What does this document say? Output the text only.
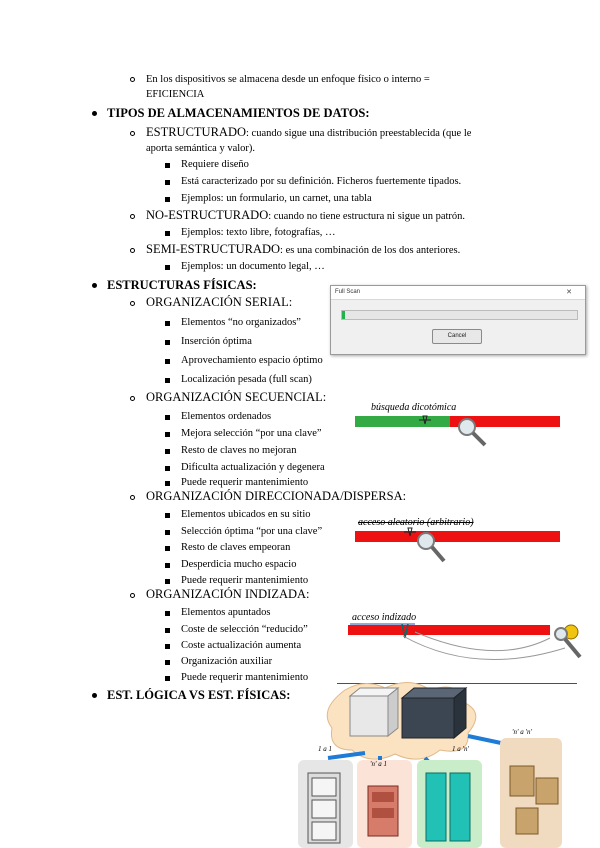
En los dispositivos se almacena desde un enfoque físico o interno =
EFICIENCIA
TIPOS DE ALMACENAMIENTOS DE DATOS:
ESTRUCTURADO: cuando sigue una distribución preestablecida (que le
aporta semántica y valor).
Requiere diseño
Está caracterizado por su definición. Ficheros fuertemente tipados.
Ejemplos: un formulario, un carnet, una tabla
NO-ESTRUCTURADO: cuando no tiene estructura ni sigue un patrón.
Ejemplos: texto libre, fotografías, …
SEMI-ESTRUCTURADO: es una combinación de los dos anteriores.
Ejemplos: un documento legal, …
ESTRUCTURAS FÍSICAS:
ORGANIZACIÓN SERIAL:
Elementos “no organizados”
Inserción óptima
Aprovechamiento espacio óptimo
Localización pesada (full scan)
Full Scan	✕
Cancel
ORGANIZACIÓN SECUENCIAL:
Elementos ordenados
Mejora selección “por una clave”
Resto de claves no mejoran
Dificulta actualización y degenera
Puede requerir mantenimiento
búsqueda dicotómica
ORGANIZACIÓN DIRECCIONADA/DISPERSA:
Elementos ubicados en su sitio
Selección óptima “por una clave”
Resto de claves empeoran
Desperdicia mucho espacio
Puede requerir mantenimiento
acceso aleatorio (arbitrario)
ORGANIZACIÓN INDIZADA:
Elementos apuntados
Coste de selección “reducido”
Coste actualización aumenta
Organización auxiliar
Puede requerir mantenimiento
acceso indizado
EST. LÓGICA VS EST. FÍSICAS:
1 a 1
'n' a 1
1 a 'n'
'n' a 'n'
